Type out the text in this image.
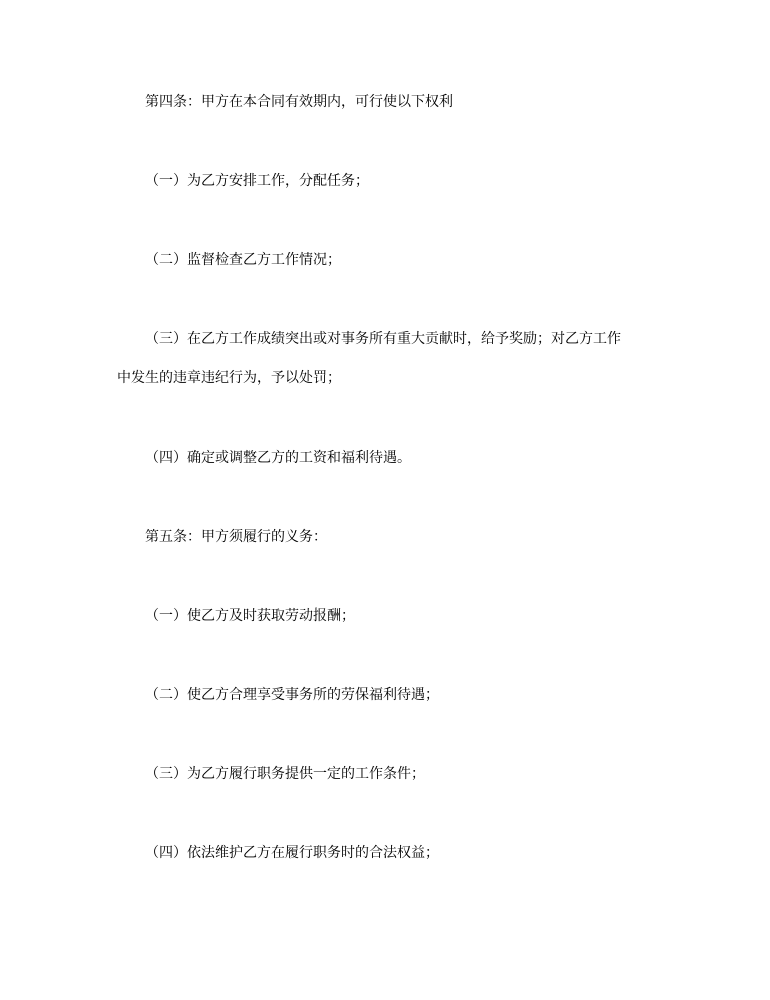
第四条：甲方在本合同有效期内，可行使以下权利
（一）为乙方安排工作，分配任务；
（二）监督检查乙方工作情况；
（三）在乙方工作成绩突出或对事务所有重大贡献时，给予奖励；对乙方工作
中发生的违章违纪行为，予以处罚；
（四）确定或调整乙方的工资和福利待遇。
第五条：甲方须履行的义务：
（一）使乙方及时获取劳动报酬；
（二）使乙方合理享受事务所的劳保福利待遇；
（三）为乙方履行职务提供一定的工作条件；
（四）依法维护乙方在履行职务时的合法权益；
